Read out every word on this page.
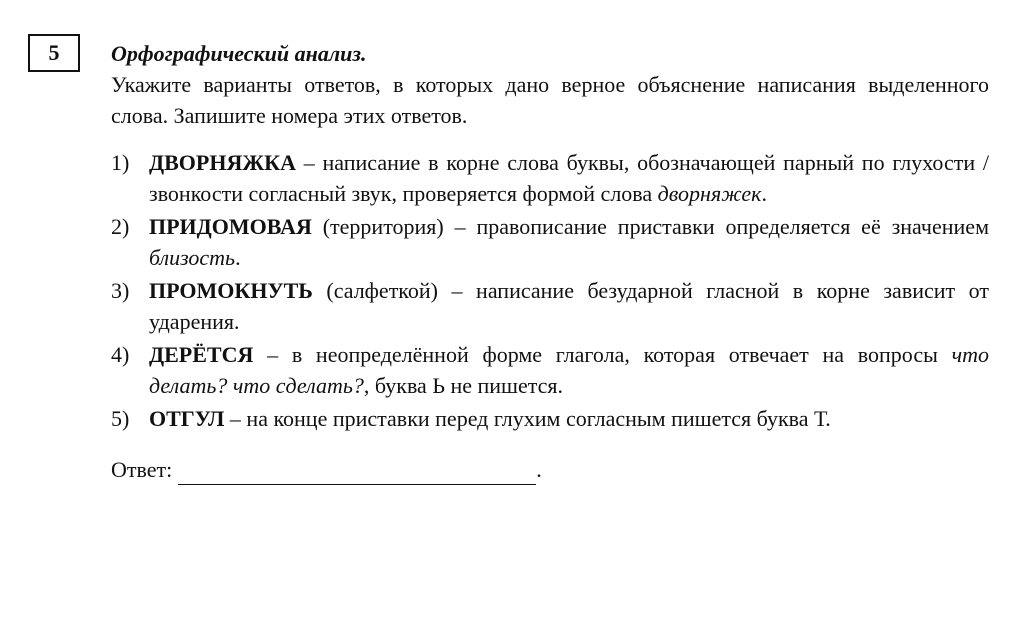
5 Орфографический анализ.

Укажите варианты ответов, в которых дано верное объяснение написания выделенного слова. Запишите номера этих ответов.

1) ДВОРНЯЖКА – написание в корне слова буквы, обозначающей парный по глухости / звонкости согласный звук, проверяется формой слова дворняжек.
2) ПРИДОМОВАЯ (территория) – правописание приставки определяется её значением близость.
3) ПРОМОКНУТЬ (салфеткой) – написание безударной гласной в корне зависит от ударения.
4) ДЕРЁТСЯ – в неопределённой форме глагола, которая отвечает на вопросы что делать? что сделать?, буква Ь не пишется.
5) ОТГУЛ – на конце приставки перед глухим согласным пишется буква Т.
Ответ:	.
